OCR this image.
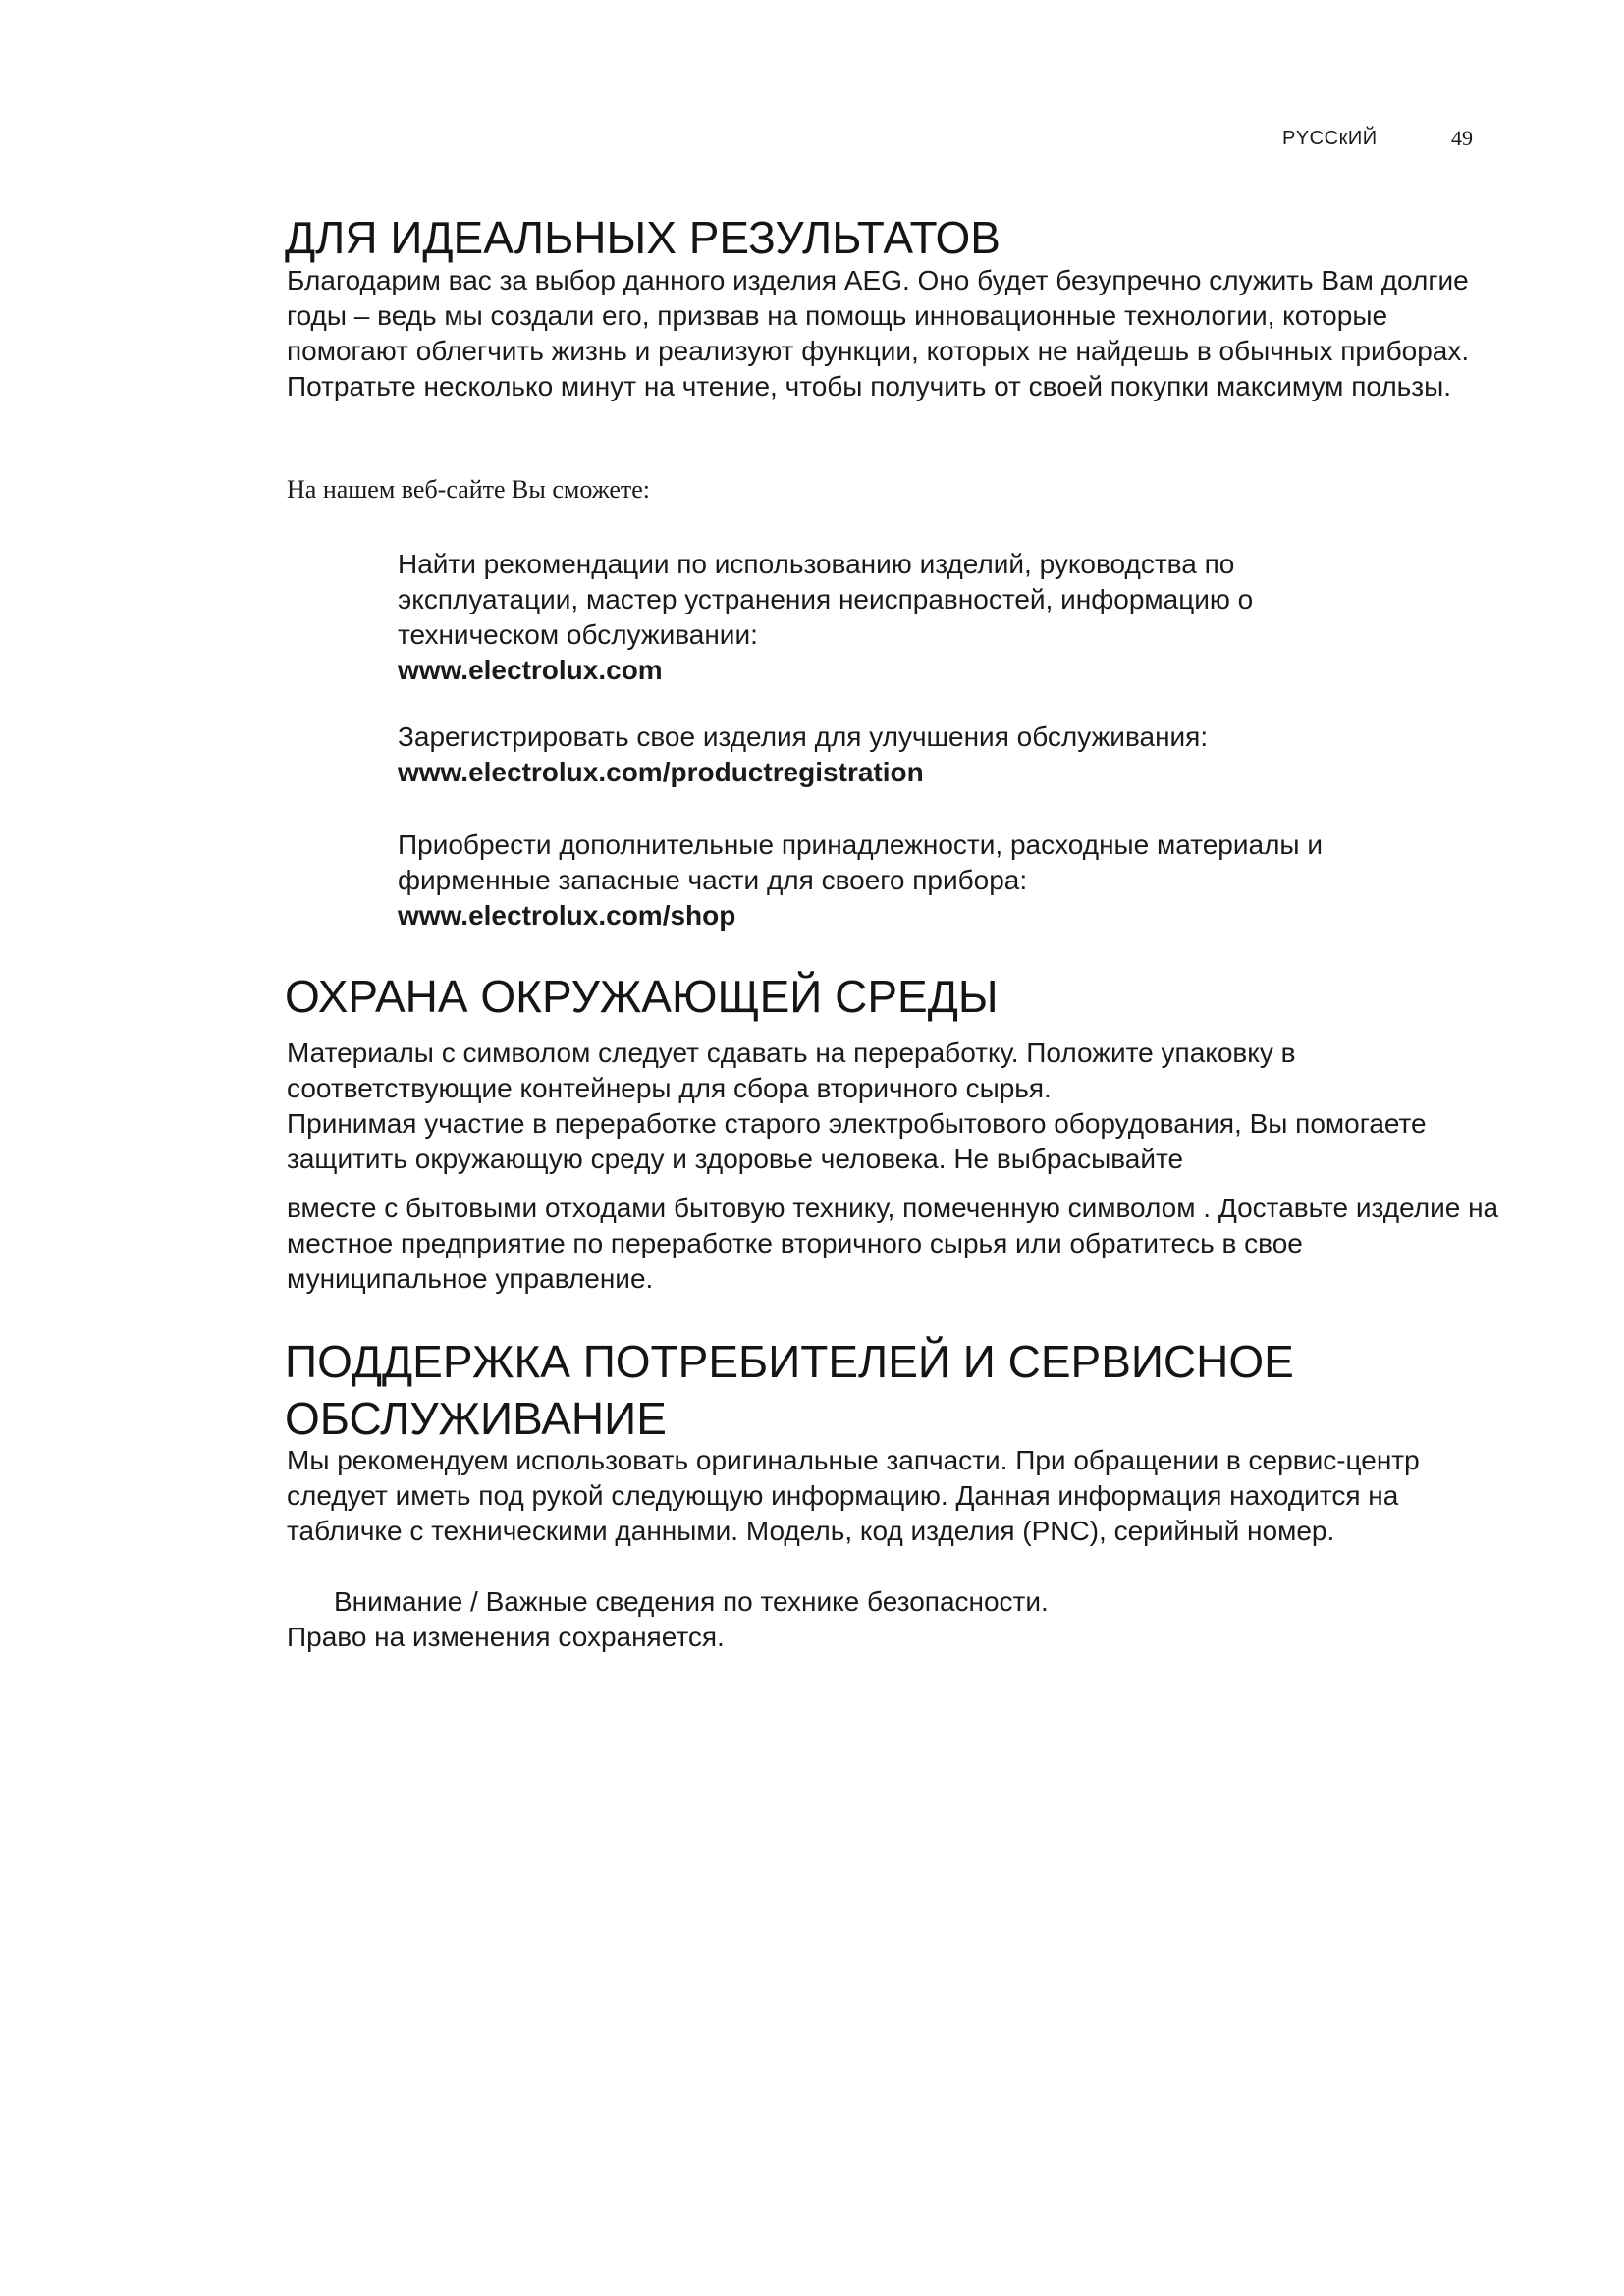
PYCCкИЙ	49
ДЛЯ ИДЕАЛЬНЫХ РЕЗУЛЬТАТОВ

Благодарим вас за выбор данного изделия AEG. Оно будет безупречно служить Вам долгие годы – ведь мы создали его, призвав на помощь инновационные технологии, которые помогают облегчить жизнь и реализуют функции, которых не найдешь в обычных приборах. Потратьте несколько минут на чтение, чтобы получить от своей покупки максимум пользы.

На нашем веб-сайте Вы сможете:

Найти рекомендации по использованию изделий, руководства по эксплуатации, мастер устранения неисправностей, информацию о техническом обслуживании:
www.electrolux.com
Зарегистрировать свое изделия для улучшения обслуживания:
www.electrolux.com/productregistration
Приобрести дополнительные принадлежности, расходные материалы и фирменные запасные части для своего прибора:
www.electrolux.com/shop
ОХРАНА ОКРУЖАЮЩЕЙ СРЕДЫ

Материалы с символом следует сдавать на переработку. Положите упаковку в соответствующие контейнеры для сбора вторичного сырья.

Принимая участие в переработке старого электробытового оборудования, Вы помогаете защитить окружающую среду и здоровье человека. Не выбрасывайте

вместе с бытовыми отходами бытовую технику, помеченную символом . Доставьте изделие на местное предприятие по переработке вторичного сырья или обратитесь в свое муниципальное управление.

ПОДДЕРЖКА ПОТРЕБИТЕЛЕЙ И СЕРВИСНОЕ ОБСЛУЖИВАНИЕ

Мы рекомендуем использовать оригинальные запчасти. При обращении в сервис-центр следует иметь под рукой следующую информацию. Данная информация находится на табличке с техническими данными. Модель, код изделия (PNC), серийный номер.

Внимание / Важные сведения по технике безопасности.

Право на изменения сохраняется.
